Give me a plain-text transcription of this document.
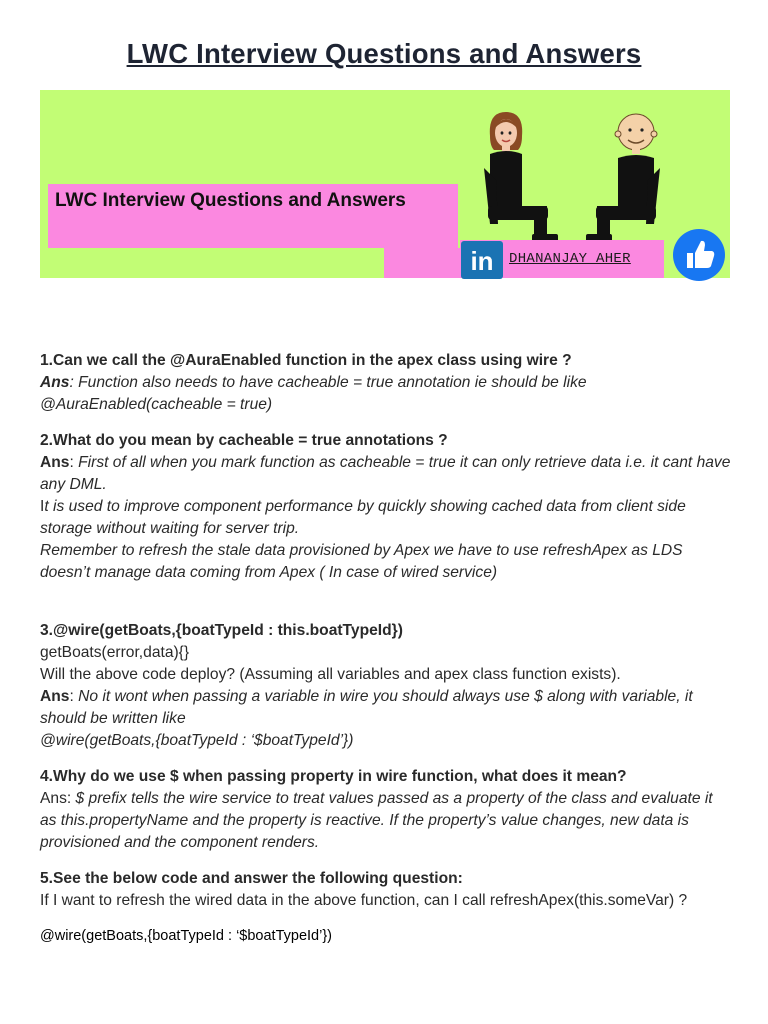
LWC Interview Questions and Answers
LWC Interview Questions and Answers
in	DHANANJAY AHER

1.Can we call the @AuraEnabled function in the apex class using wire ?

Ans: Function also needs to have cacheable = true annotation ie should be like @AuraEnabled(cacheable = true)

2.What do you mean by cacheable = true annotations ?

Ans: First of all when you mark function as cacheable = true it can only retrieve data i.e. it cant have any DML.

It is used to improve component performance by quickly showing cached data from client side storage without waiting for server trip.

Remember to refresh the stale data provisioned by Apex we have to use refreshApex as LDS doesn’t manage data coming from Apex ( In case of wired service)

3.@wire(getBoats,{boatTypeId : this.boatTypeId})

getBoats(error,data){}

Will the above code deploy? (Assuming all variables and apex class function exists).

Ans: No it wont when passing a variable in wire you should always use $ along with variable, it should be written like

@wire(getBoats,{boatTypeId : ‘$boatTypeId’})

4.Why do we use $ when passing property in wire function, what does it mean?

Ans: $ prefix tells the wire service to treat values passed as a property of the class and evaluate it as this.propertyName and the property is reactive. If the property’s value changes, new data is provisioned and the component renders.

5.See the below code and answer the following question:

If I want to refresh the wired data in the above function, can I call refreshApex(this.someVar) ?

@wire(getBoats,{boatTypeId : ‘$boatTypeId’})
